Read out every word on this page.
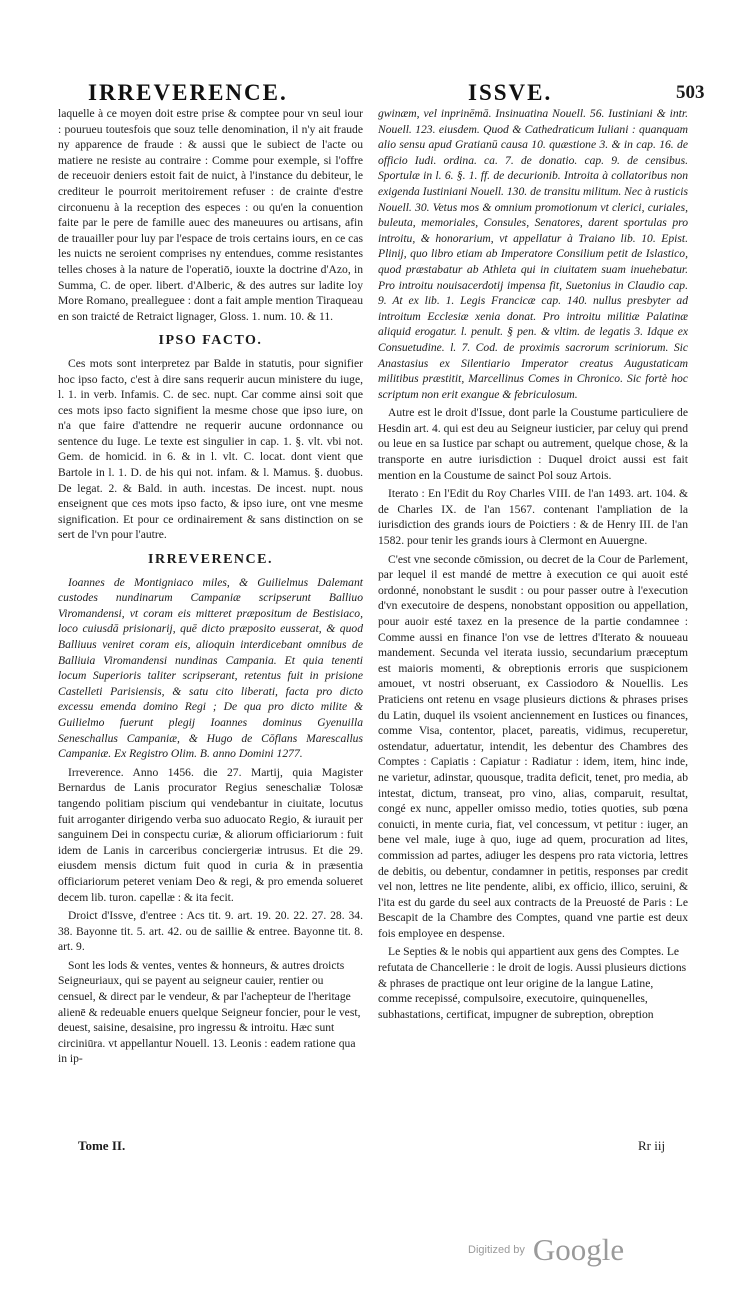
IRREVERENCE.	ISSVE.	503

laquelle à ce moyen doit estre prise & comptee pour vn seul iour : pourueu toutesfois que souz telle denomination, il n'y ait fraude ny apparence de fraude : & aussi que le subiect de l'acte ou matiere ne resiste au contraire : Comme pour exemple, si l'offre de receuoir deniers estoit fait de nuict, à l'instance du debiteur, le crediteur le pourroit meritoirement refuser : de crainte d'estre circonuenu à la reception des especes : ou qu'en la conuention faite par le pere de famille auec des maneuures ou artisans, afin de trauailler pour luy par l'espace de trois certains iours, en ce cas les nuicts ne seroient comprises ny entendues, comme resistantes telles choses à la nature de l'operatiō, iouxte la doctrine d'Azo, in Summa, C. de oper. libert. d'Alberic, & des autres sur ladite loy More Romano, prealleguee : dont a fait ample mention Tiraqueau en son traicté de Retraict lignager, Gloss. 1. num. 10. & 11.

IPSO FACTO.

Ces mots sont interpretez par Balde in statutis, pour signifier hoc ipso facto, c'est à dire sans requerir aucun ministere du iuge, l. 1. in verb. Infamis. C. de sec. nupt. Car comme ainsi soit que ces mots ipso facto signifient la mesme chose que ipso iure, on n'a que faire d'attendre ne requerir aucune ordonnance ou sentence du Iuge. Le texte est singulier in cap. 1. §. vlt. vbi not. Gem. de homicid. in 6. & in l. vlt. C. locat. dont vient que Bartole in l. 1. D. de his qui not. infam. & l. Mamus. §. duobus. De legat. 2. & Bald. in auth. incestas. De incest. nupt. nous enseignent que ces mots ipso facto, & ipso iure, ont vne mesme signification. Et pour ce ordinairement & sans distinction on se sert de l'vn pour l'autre.

IRREVERENCE.

Ioannes de Montigniaco miles, & Guilielmus Dalemant custodes nundinarum Campaniæ scripserunt Balliuo Viromandensi, vt coram eis mitteret præpositum de Bestisiaco, loco cuiusdā prisionarij, quē dicto præposito eusserat, & quod Balliuus veniret coram eis, alioquin interdicebant omnibus de Balliuia Viromandensi nundinas Campania. Et quia tenenti locum Superioris taliter scripserant, retentus fuit in prisione Castelleti Parisiensis, & satu cito liberati, facta pro dicto excessu emenda domino Regi ; De qua pro dicto milite & Guilielmo fuerunt plegij Ioannes dominus Gyenuilla Seneschallus Campaniæ, & Hugo de Cōflans Marescallus Campaniæ. Ex Registro Olim. B. anno Domini 1277.

Irreverence. Anno 1456. die 27. Martij, quia Magister Bernardus de Lanis procurator Regius seneschaliæ Tolosæ tangendo politiam piscium qui vendebantur in ciuitate, locutus fuit arroganter dirigendo verba suo aduocato Regio, & iurauit per sanguinem Dei in conspectu curiæ, & aliorum officiariorum : fuit idem de Lanis in carceribus conciergeriæ intrusus. Et die 29. eiusdem mensis dictum fuit quod in curia & in præsentia officiariorum peteret veniam Deo & regi, & pro emenda solueret decem lib. turon. capellæ : & ita fecit.

Droict d'Issve, d'entree : Acs tit. 9. art. 19. 20. 22. 27. 28. 34. 38. Bayonne tit. 5. art. 42. ou de saillie & entree. Bayonne tit. 8. art. 9.

Sont les lods & ventes, ventes & honneurs, & autres droicts Seigneuriaux, qui se payent au seigneur cauier, rentier ou censuel, & direct par le vendeur, & par l'achepteur de l'heritage alienē & redeuable enuers quelque Seigneur foncier, pour le vest, deuest, saisine, desaisine, pro ingressu & introitu. Hæc sunt circiniūra. vt appellantur Nouell. 13. Leonis : eadem ratione qua in ip-

gwinæm, vel inprinēmā. Insinuatina Nouell. 56. Iustiniani & intr. Nouell. 123. eiusdem. Quod & Cathedraticum Iuliani : quanquam alio sensu apud Gratianū causa 10. quæstione 3. & in cap. 16. de officio Iudi. ordina. ca. 7. de donatio. cap. 9. de censibus. Sportulæ in l. 6. §. 1. ff. de decurionib. Introita à collatoribus non exigenda Iustiniani Nouell. 130. de transitu militum. Nec à rusticis Nouell. 30. Vetus mos & omnium promotionum vt clerici, curiales, buleuta, memoriales, Consules, Senatores, darent sportulas pro introitu, & honorarium, vt appellatur à Traiano lib. 10. Epist. Plinij, quo libro etiam ab Imperatore Consilium petit de Islastico, quod præstabatur ab Athleta qui in ciuitatem suam inuehebatur. Pro introitu nouisacerdotij impensa fit, Suetonius in Claudio cap. 9. At ex lib. 1. Legis Francicæ cap. 140. nullus presbyter ad introitum Ecclesiæ xenia donat. Pro introitu militiæ Palatinæ aliquid erogatur. l. penult. § pen. & vltim. de legatis 3. Idque ex Consuetudine. l. 7. Cod. de proximis sacrorum scriniorum. Sic Anastasius ex Silentiario Imperator creatus Augustaticam militibus præstitit, Marcellinus Comes in Chronico. Sic fortè hoc scriptum non erit exangue & febriculosum.

Autre est le droit d'Issue, dont parle la Coustume particuliere de Hesdin art. 4. qui est deu au Seigneur iusticier, par celuy qui prend ou leue en sa Iustice par schapt ou autrement, quelque chose, & la transporte en autre iurisdiction : Duquel droict aussi est fait mention en la Coustume de sainct Pol souz Artois.

Iterato : En l'Edit du Roy Charles VIII. de l'an 1493. art. 104. & de Charles IX. de l'an 1567. contenant l'ampliation de la iurisdiction des grands iours de Poictiers : & de Henry III. de l'an 1582. pour tenir les grands iours à Clermont en Auuergne.

C'est vne seconde cōmission, ou decret de la Cour de Parlement, par lequel il est mandé de mettre à execution ce qui auoit esté ordonné, nonobstant le susdit : ou pour passer outre à l'execution d'vn executoire de despens, nonobstant opposition ou appellation, pour auoir esté taxez en la presence de la partie condamnee : Comme aussi en finance l'on vse de lettres d'Iterato & nouueau mandement. Secunda vel iterata iussio, secundarium præceptum est maioris momenti, & obreptionis erroris que suspicionem amouet, vt nostri obseruant, ex Cassiodoro & Nouellis. Les Praticiens ont retenu en vsage plusieurs dictions & phrases prises du Latin, duquel ils vsoient anciennement en Iustices ou finances, comme Visa, contentor, placet, pareatis, vidimus, recuperetur, ostendatur, aduertatur, intendit, les debentur des Chambres des Comptes : Capiatis : Capiatur : Radiatur : idem, item, hinc inde, ne varietur, adinstar, quousque, tradita deficit, tenet, pro media, ab intestat, dictum, transeat, pro vino, alias, comparuit, resultat, congé ex nunc, appeller omisso medio, toties quoties, sub pœna conuicti, in mente curia, fiat, vel concessum, vt petitur : iuger, an bene vel male, iuge à quo, iuge ad quem, procuration ad lites, commission ad partes, adiuger les despens pro rata victoria, lettres de debitis, ou debentur, condamner in petitis, responses par credit vel non, lettres ne lite pendente, alibi, ex officio, illico, seruini, & l'ita est du garde du seel aux contracts de la Preuosté de Paris : Le Bescapit de la Chambre des Comptes, quand vne partie est deux fois employee en despense.

Le Septies & le nobis qui appartient aux gens des Comptes. Le refutata de Chancellerie : le droit de logis. Aussi plusieurs dictions & phrases de practique ont leur origine de la langue Latine, comme recepissé, compulsoire, executoire, quinquenelles, subhastations, certificat, impugner de subreption, obreption

Tome II.	Rr iij
Digitized by Google
